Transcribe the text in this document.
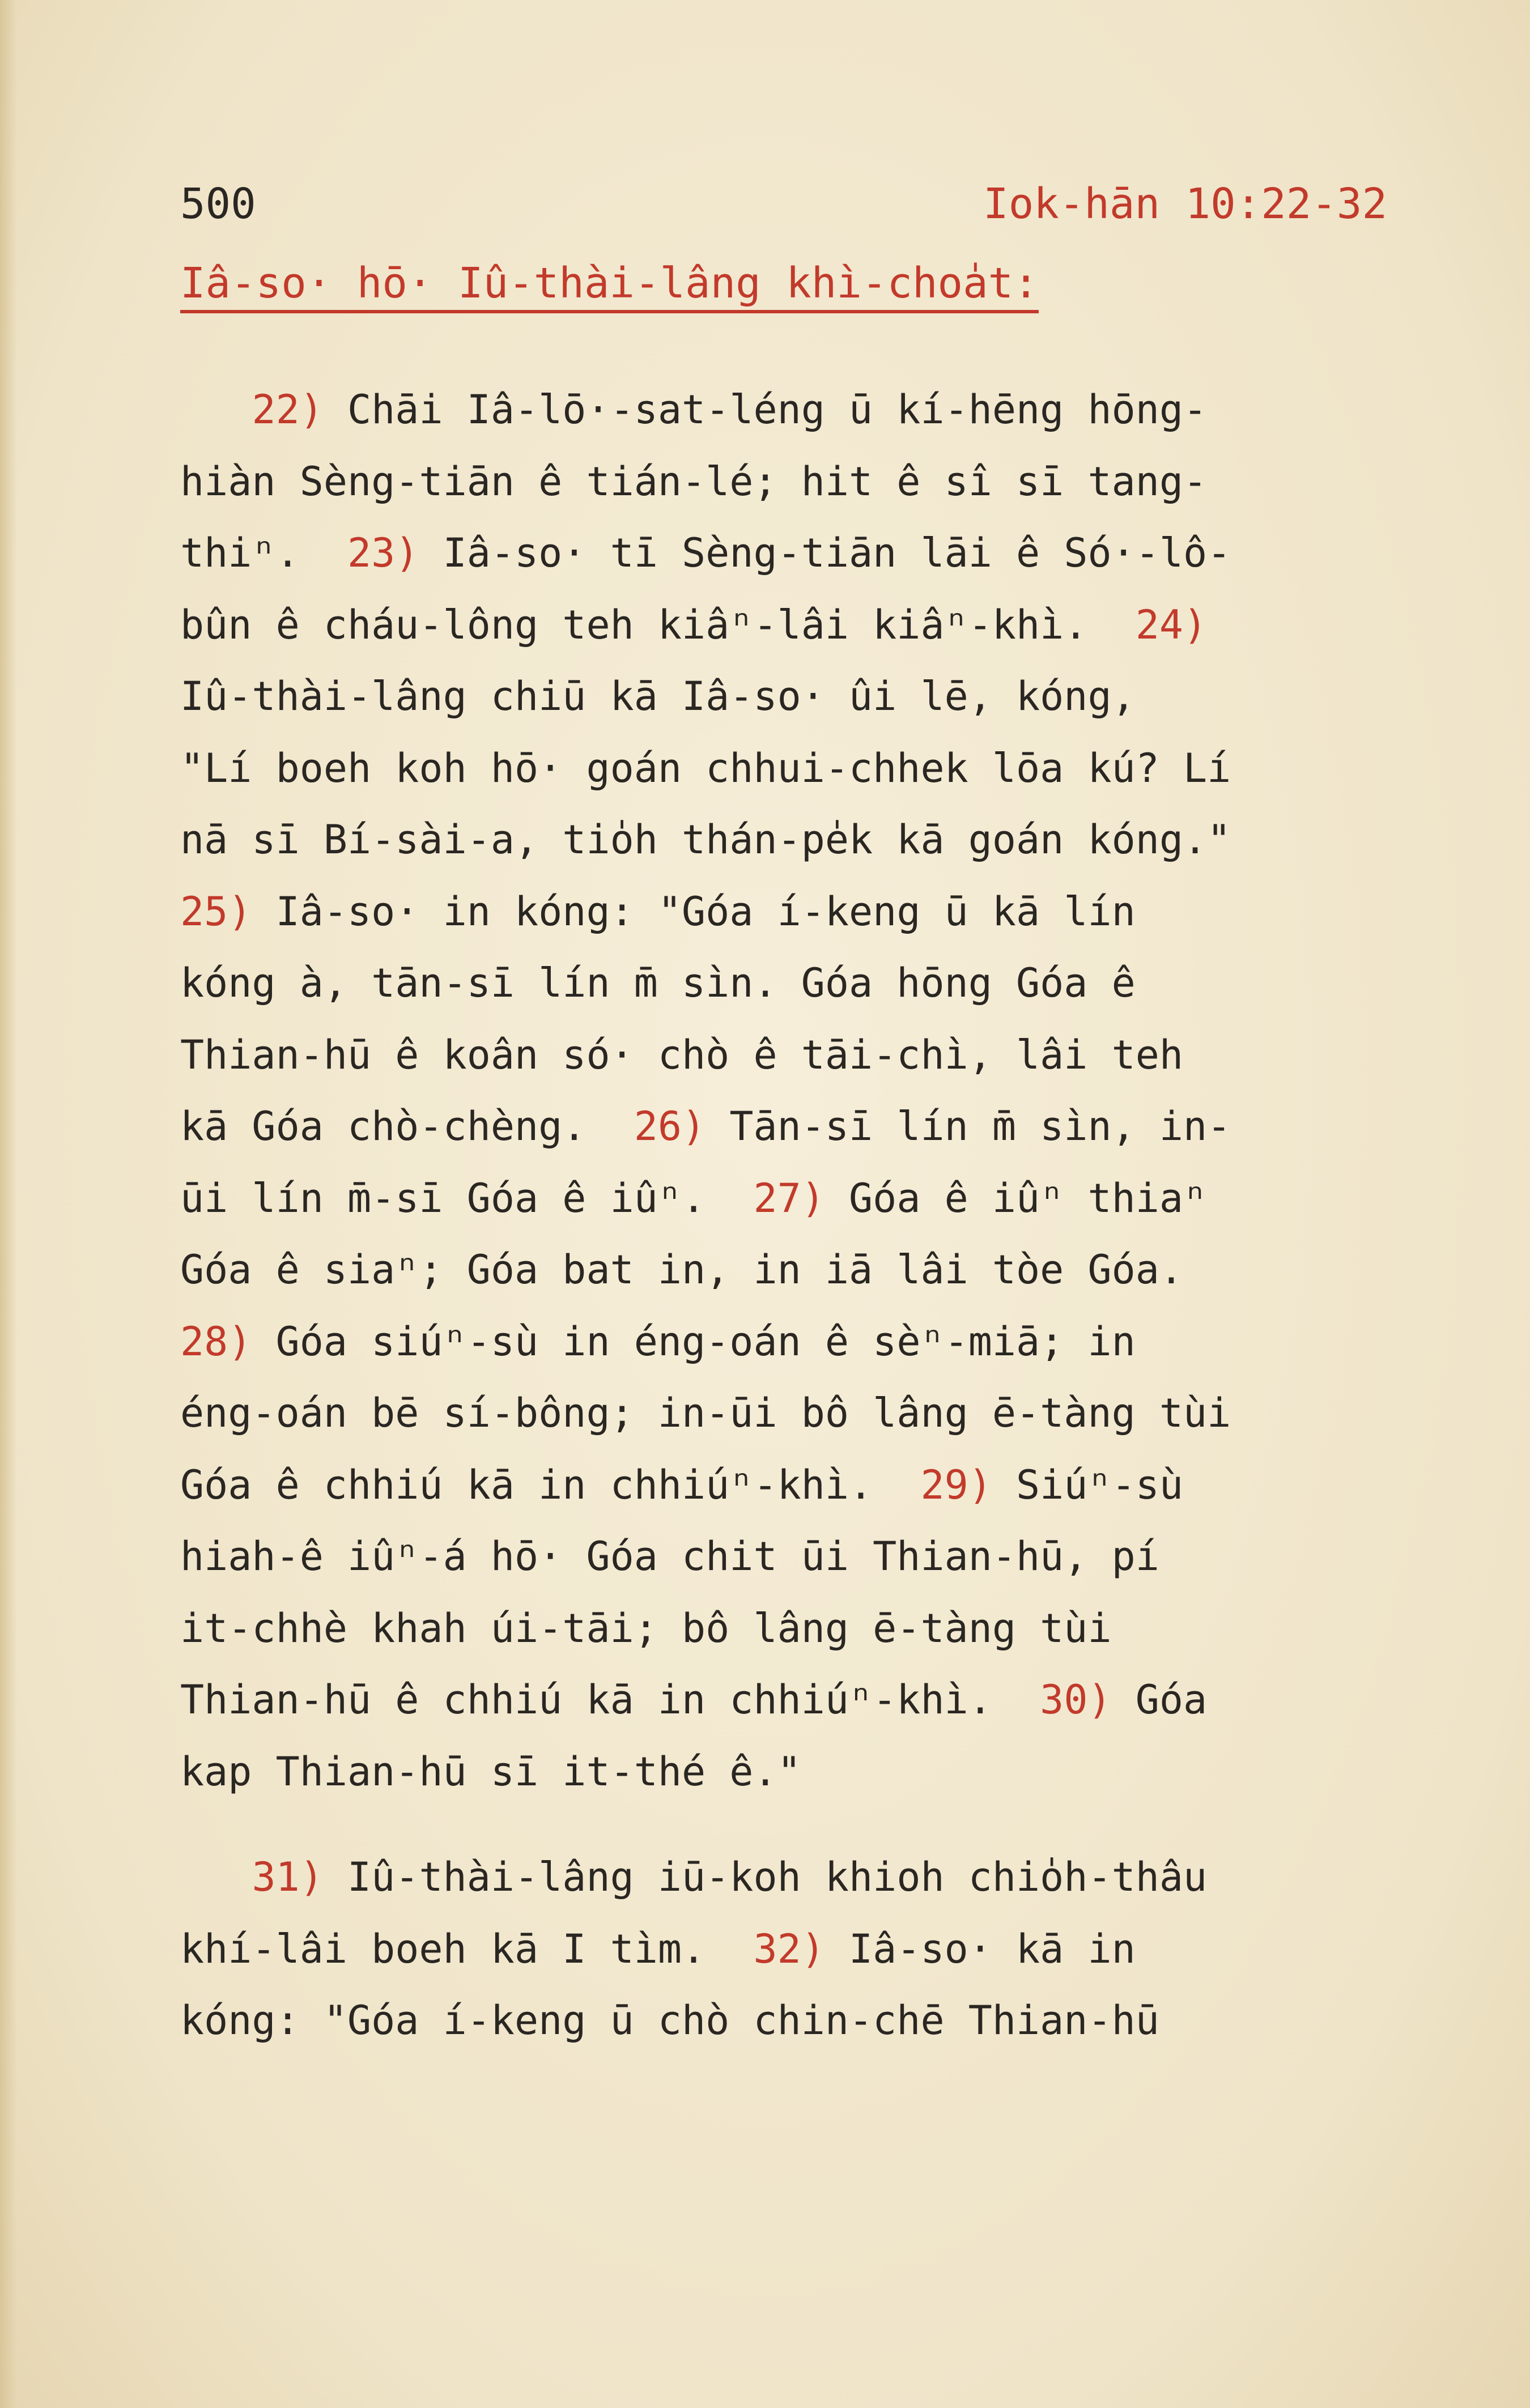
500	Iok-hān 10:22-32
Iâ-so· hō· Iû-thài-lâng khì-choa̍t:
22) Chāi Iâ-lō·-sat-léng ū kí-hēng hōng-
hiàn Sèng-tiān ê tián-lé; hit ê sî sī tang-
thiⁿ.  23) Iâ-so· tī Sèng-tiān lāi ê Só·-lô-
bûn ê cháu-lông teh kiâⁿ-lâi kiâⁿ-khì.  24)
Iû-thài-lâng chiū kā Iâ-so· ûi lē, kóng,
"Lí boeh koh hō· goán chhui-chhek lōa kú? Lí
nā sī Bí-sài-a, tio̍h thán-pe̍k kā goán kóng."
25) Iâ-so· in kóng: "Góa í-keng ū kā lín
kóng à, tān-sī lín m̄ sìn. Góa hōng Góa ê
Thian-hū ê koân só· chò ê tāi-chì, lâi teh
kā Góa chò-chèng.  26) Tān-sī lín m̄ sìn, in-
ūi lín m̄-sī Góa ê iûⁿ.  27) Góa ê iûⁿ thiaⁿ
Góa ê siaⁿ; Góa bat in, in iā lâi tòe Góa.
28) Góa siúⁿ-sù in éng-oán ê sèⁿ-miā; in
éng-oán bē sí-bông; in-ūi bô lâng ē-tàng tùi
Góa ê chhiú kā in chhiúⁿ-khì.  29) Siúⁿ-sù
hiah-ê iûⁿ-á hō· Góa chit ūi Thian-hū, pí
it-chhè khah úi-tāi; bô lâng ē-tàng tùi
Thian-hū ê chhiú kā in chhiúⁿ-khì.  30) Góa
kap Thian-hū sī it-thé ê."
31) Iû-thài-lâng iū-koh khioh chio̍h-thâu
khí-lâi boeh kā I tìm.  32) Iâ-so· kā in
kóng: "Góa í-keng ū chò chin-chē Thian-hū
